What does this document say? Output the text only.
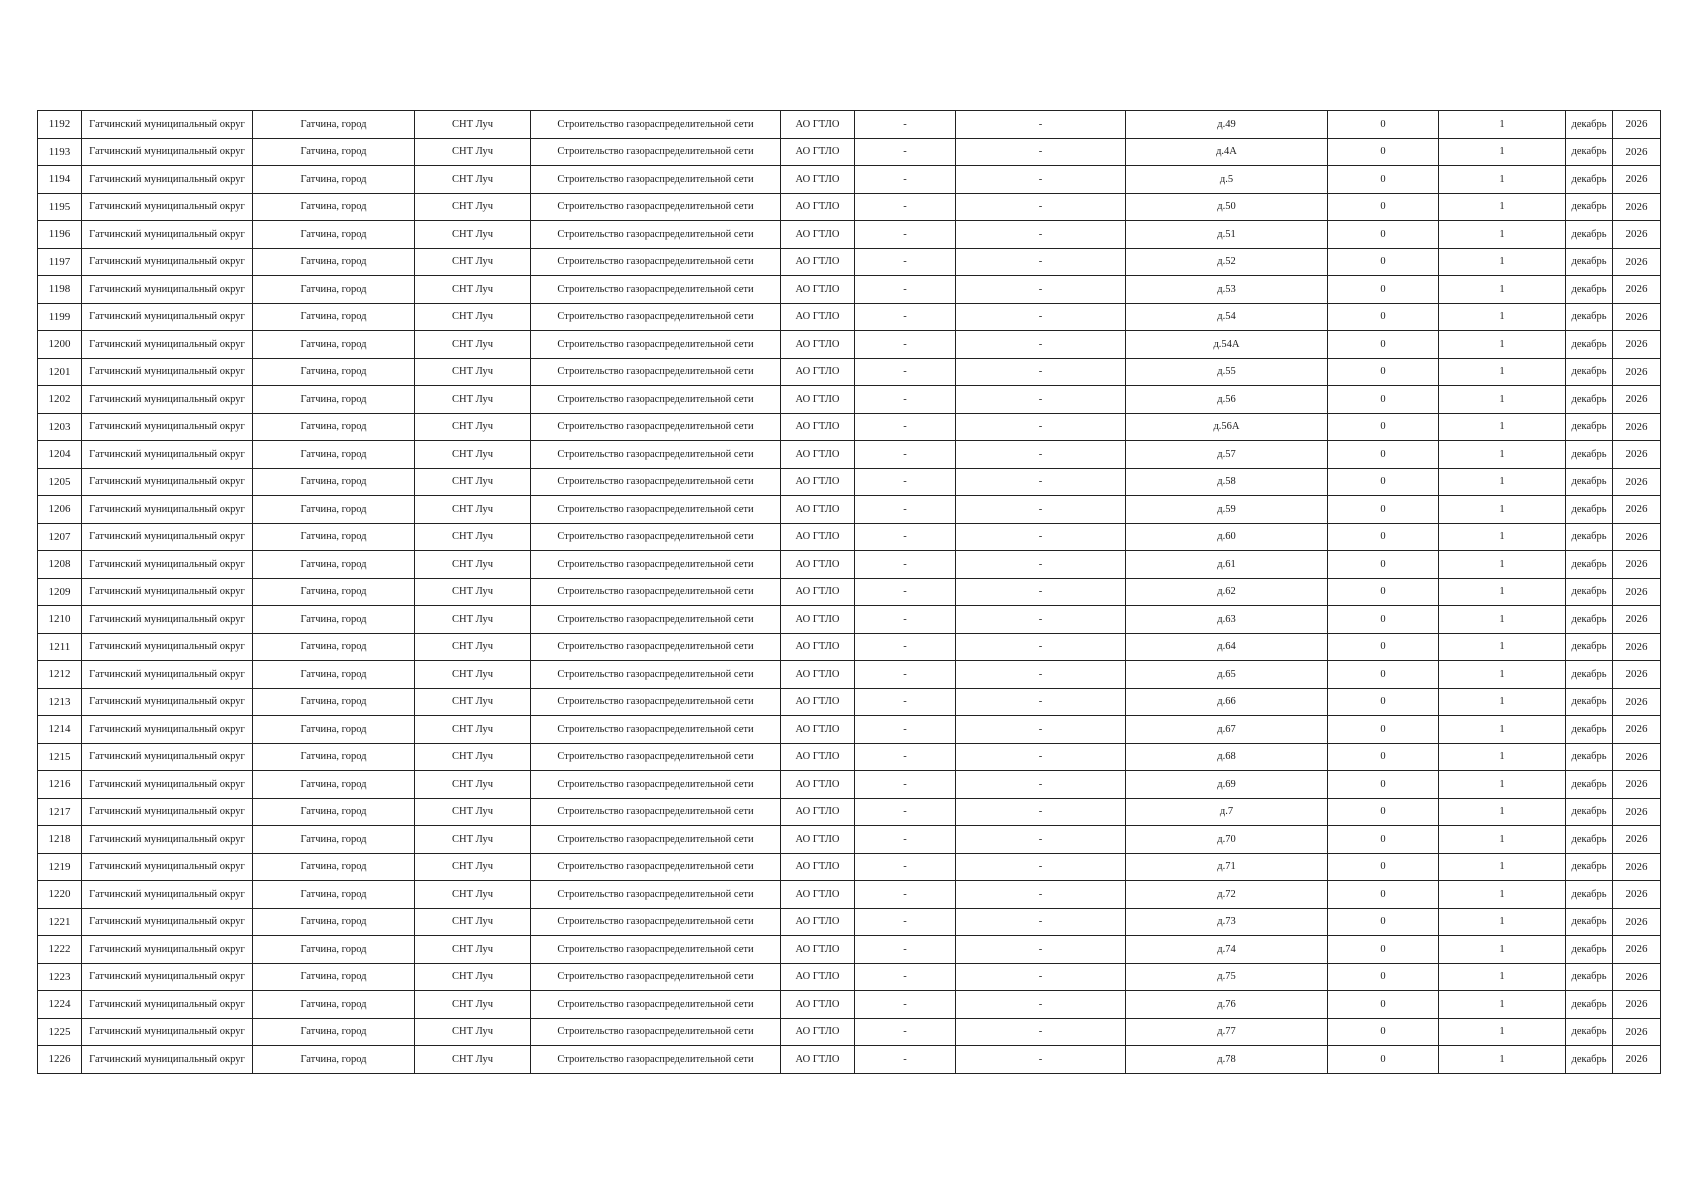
1192	Гатчинский муниципальный округ	Гатчина, город	СНТ Луч	Строительство газораспределительной сети	АО ГТЛО	-	-	д.49	0	1	декабрь	2026
1193	Гатчинский муниципальный округ	Гатчина, город	СНТ Луч	Строительство газораспределительной сети	АО ГТЛО	-	-	д.4А	0	1	декабрь	2026
1194	Гатчинский муниципальный округ	Гатчина, город	СНТ Луч	Строительство газораспределительной сети	АО ГТЛО	-	-	д.5	0	1	декабрь	2026
1195	Гатчинский муниципальный округ	Гатчина, город	СНТ Луч	Строительство газораспределительной сети	АО ГТЛО	-	-	д.50	0	1	декабрь	2026
1196	Гатчинский муниципальный округ	Гатчина, город	СНТ Луч	Строительство газораспределительной сети	АО ГТЛО	-	-	д.51	0	1	декабрь	2026
1197	Гатчинский муниципальный округ	Гатчина, город	СНТ Луч	Строительство газораспределительной сети	АО ГТЛО	-	-	д.52	0	1	декабрь	2026
1198	Гатчинский муниципальный округ	Гатчина, город	СНТ Луч	Строительство газораспределительной сети	АО ГТЛО	-	-	д.53	0	1	декабрь	2026
1199	Гатчинский муниципальный округ	Гатчина, город	СНТ Луч	Строительство газораспределительной сети	АО ГТЛО	-	-	д.54	0	1	декабрь	2026
1200	Гатчинский муниципальный округ	Гатчина, город	СНТ Луч	Строительство газораспределительной сети	АО ГТЛО	-	-	д.54А	0	1	декабрь	2026
1201	Гатчинский муниципальный округ	Гатчина, город	СНТ Луч	Строительство газораспределительной сети	АО ГТЛО	-	-	д.55	0	1	декабрь	2026
1202	Гатчинский муниципальный округ	Гатчина, город	СНТ Луч	Строительство газораспределительной сети	АО ГТЛО	-	-	д.56	0	1	декабрь	2026
1203	Гатчинский муниципальный округ	Гатчина, город	СНТ Луч	Строительство газораспределительной сети	АО ГТЛО	-	-	д.56А	0	1	декабрь	2026
1204	Гатчинский муниципальный округ	Гатчина, город	СНТ Луч	Строительство газораспределительной сети	АО ГТЛО	-	-	д.57	0	1	декабрь	2026
1205	Гатчинский муниципальный округ	Гатчина, город	СНТ Луч	Строительство газораспределительной сети	АО ГТЛО	-	-	д.58	0	1	декабрь	2026
1206	Гатчинский муниципальный округ	Гатчина, город	СНТ Луч	Строительство газораспределительной сети	АО ГТЛО	-	-	д.59	0	1	декабрь	2026
1207	Гатчинский муниципальный округ	Гатчина, город	СНТ Луч	Строительство газораспределительной сети	АО ГТЛО	-	-	д.60	0	1	декабрь	2026
1208	Гатчинский муниципальный округ	Гатчина, город	СНТ Луч	Строительство газораспределительной сети	АО ГТЛО	-	-	д.61	0	1	декабрь	2026
1209	Гатчинский муниципальный округ	Гатчина, город	СНТ Луч	Строительство газораспределительной сети	АО ГТЛО	-	-	д.62	0	1	декабрь	2026
1210	Гатчинский муниципальный округ	Гатчина, город	СНТ Луч	Строительство газораспределительной сети	АО ГТЛО	-	-	д.63	0	1	декабрь	2026
1211	Гатчинский муниципальный округ	Гатчина, город	СНТ Луч	Строительство газораспределительной сети	АО ГТЛО	-	-	д.64	0	1	декабрь	2026
1212	Гатчинский муниципальный округ	Гатчина, город	СНТ Луч	Строительство газораспределительной сети	АО ГТЛО	-	-	д.65	0	1	декабрь	2026
1213	Гатчинский муниципальный округ	Гатчина, город	СНТ Луч	Строительство газораспределительной сети	АО ГТЛО	-	-	д.66	0	1	декабрь	2026
1214	Гатчинский муниципальный округ	Гатчина, город	СНТ Луч	Строительство газораспределительной сети	АО ГТЛО	-	-	д.67	0	1	декабрь	2026
1215	Гатчинский муниципальный округ	Гатчина, город	СНТ Луч	Строительство газораспределительной сети	АО ГТЛО	-	-	д.68	0	1	декабрь	2026
1216	Гатчинский муниципальный округ	Гатчина, город	СНТ Луч	Строительство газораспределительной сети	АО ГТЛО	-	-	д.69	0	1	декабрь	2026
1217	Гатчинский муниципальный округ	Гатчина, город	СНТ Луч	Строительство газораспределительной сети	АО ГТЛО	-	-	д.7	0	1	декабрь	2026
1218	Гатчинский муниципальный округ	Гатчина, город	СНТ Луч	Строительство газораспределительной сети	АО ГТЛО	-	-	д.70	0	1	декабрь	2026
1219	Гатчинский муниципальный округ	Гатчина, город	СНТ Луч	Строительство газораспределительной сети	АО ГТЛО	-	-	д.71	0	1	декабрь	2026
1220	Гатчинский муниципальный округ	Гатчина, город	СНТ Луч	Строительство газораспределительной сети	АО ГТЛО	-	-	д.72	0	1	декабрь	2026
1221	Гатчинский муниципальный округ	Гатчина, город	СНТ Луч	Строительство газораспределительной сети	АО ГТЛО	-	-	д.73	0	1	декабрь	2026
1222	Гатчинский муниципальный округ	Гатчина, город	СНТ Луч	Строительство газораспределительной сети	АО ГТЛО	-	-	д.74	0	1	декабрь	2026
1223	Гатчинский муниципальный округ	Гатчина, город	СНТ Луч	Строительство газораспределительной сети	АО ГТЛО	-	-	д.75	0	1	декабрь	2026
1224	Гатчинский муниципальный округ	Гатчина, город	СНТ Луч	Строительство газораспределительной сети	АО ГТЛО	-	-	д.76	0	1	декабрь	2026
1225	Гатчинский муниципальный округ	Гатчина, город	СНТ Луч	Строительство газораспределительной сети	АО ГТЛО	-	-	д.77	0	1	декабрь	2026
1226	Гатчинский муниципальный округ	Гатчина, город	СНТ Луч	Строительство газораспределительной сети	АО ГТЛО	-	-	д.78	0	1	декабрь	2026
